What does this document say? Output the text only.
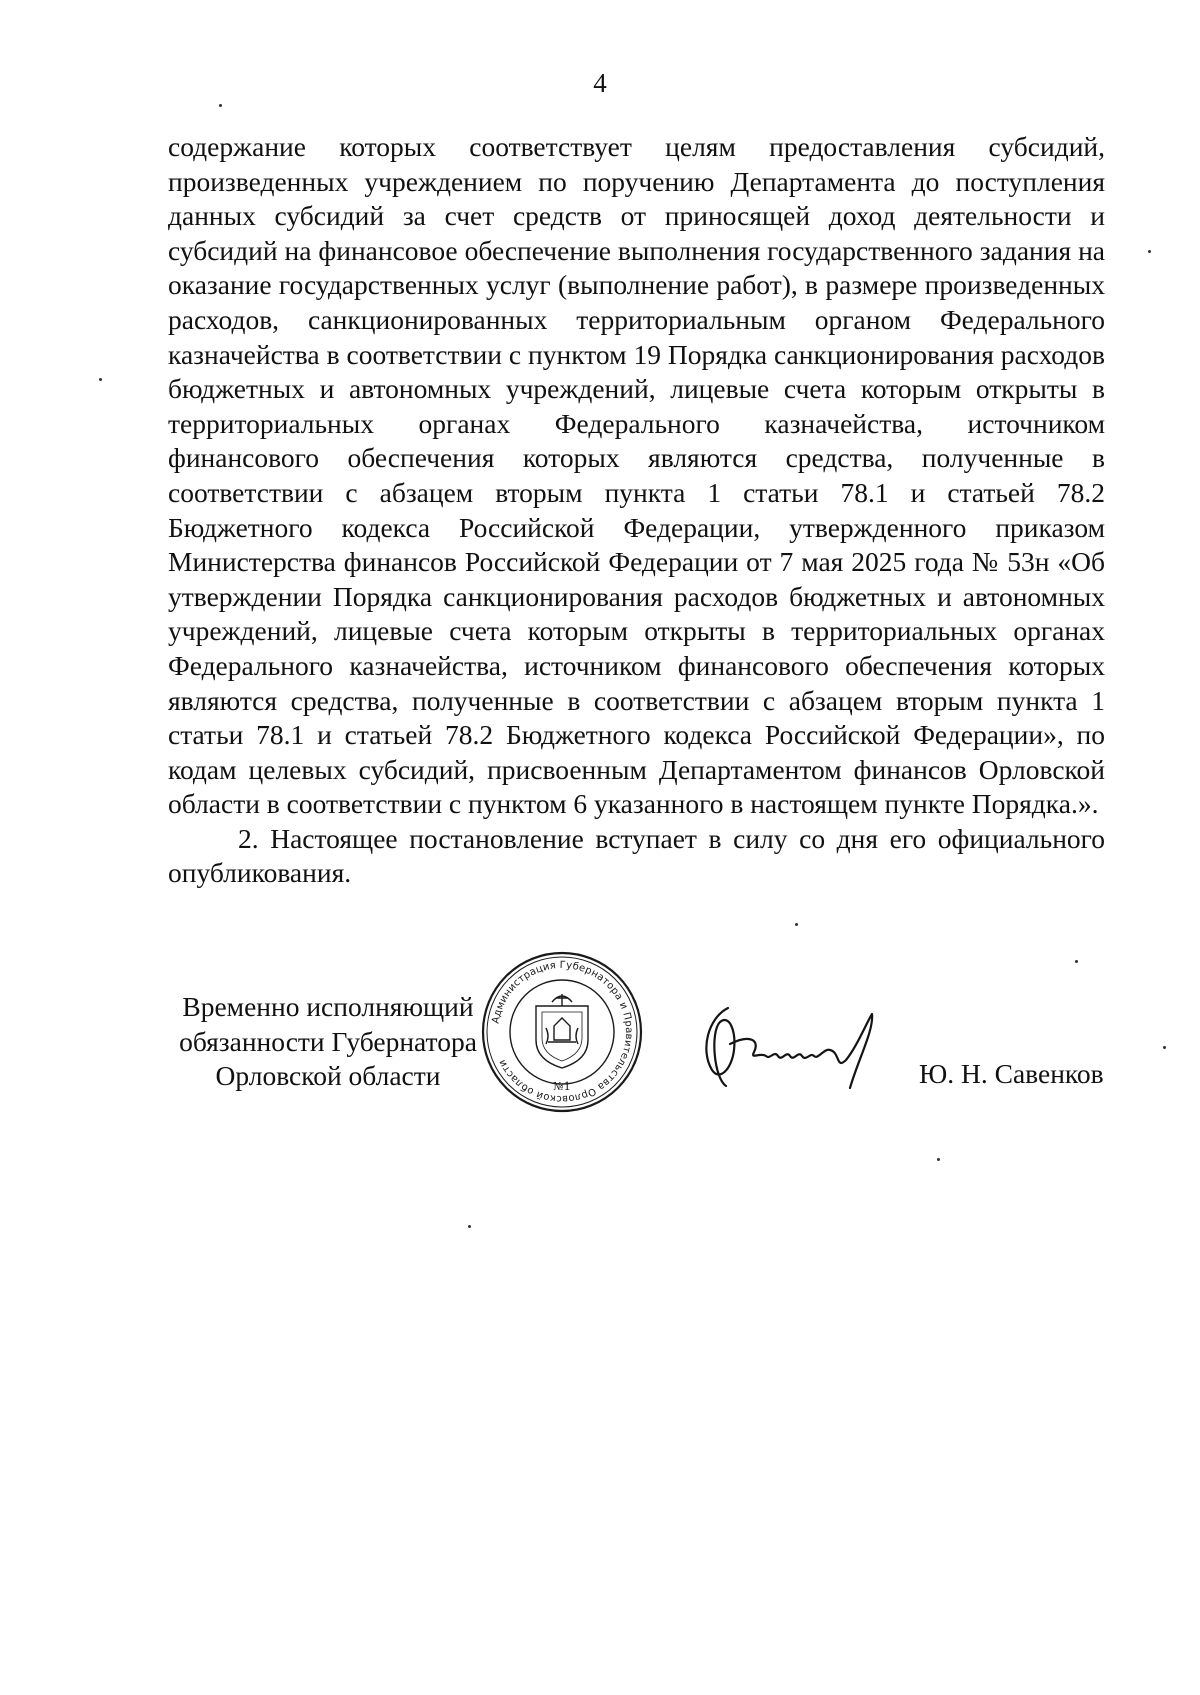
4

содержание которых соответствует целям предоставления субсидий, произведенных учреждением по поручению Департамента до поступления данных субсидий за счет средств от приносящей доход деятельности и субсидий на финансовое обеспечение выполнения государственного задания на оказание государственных услуг (выполнение работ), в размере произведенных расходов, санкционированных территориальным органом Федерального казначейства в соответствии с пунктом 19 Порядка санкционирования расходов бюджетных и автономных учреждений, лицевые счета которым открыты в территориальных органах Федерального казначейства, источником финансового обеспечения которых являются средства, полученные в соответствии с абзацем вторым пункта 1 статьи 78.1 и статьей 78.2 Бюджетного кодекса Российской Федерации, утвержденного приказом Министерства финансов Российской Федерации от 7 мая 2025 года № 53н «Об утверждении Порядка санкционирования расходов бюджетных и автономных учреждений, лицевые счета которым открыты в территориальных органах Федерального казначейства, источником финансового обеспечения которых являются средства, полученные в соответствии с абзацем вторым пункта 1 статьи 78.1 и статьей 78.2 Бюджетного кодекса Российской Федерации», по кодам целевых субсидий, присвоенным Департаментом финансов Орловской области в соответствии с пунктом 6 указанного в настоящем пункте Порядка.».

2. Настоящее постановление вступает в силу со дня его официального опубликования.

Временно исполняющий
обязанности Губернатора
Орловской области
Администрация Губернатора и Правительства Орловской области
№1	Ю. Н. Савенков
